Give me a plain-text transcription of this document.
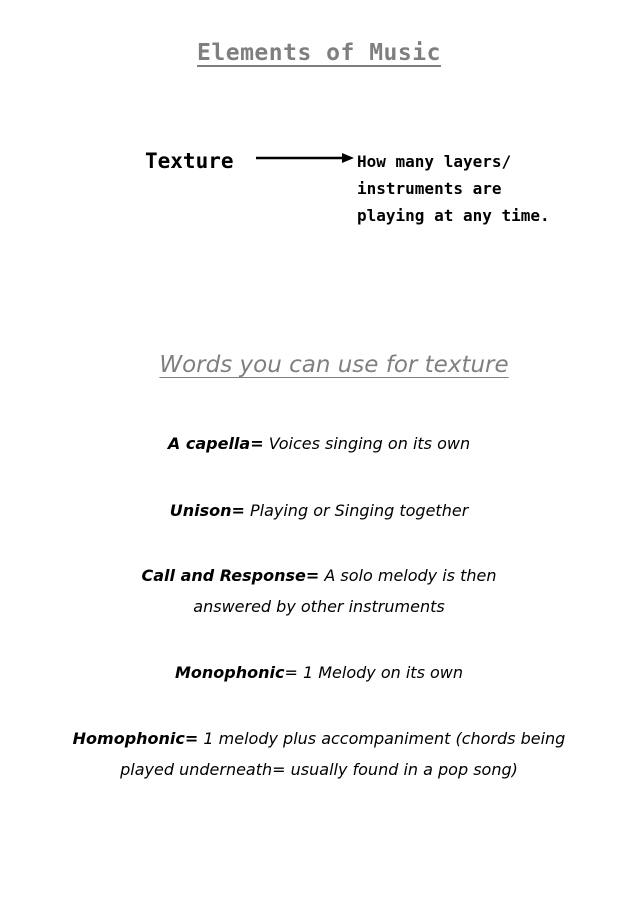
Elements of Music
Texture	How many layers/
instruments are
playing at any time.
Words you can use for texture
A capella= Voices singing on its own
Unison= Playing or Singing together
Call and Response= A solo melody is then
answered by other instruments
Monophonic= 1 Melody on its own
Homophonic= 1 melody plus accompaniment (chords being
played underneath= usually found in a pop song)
